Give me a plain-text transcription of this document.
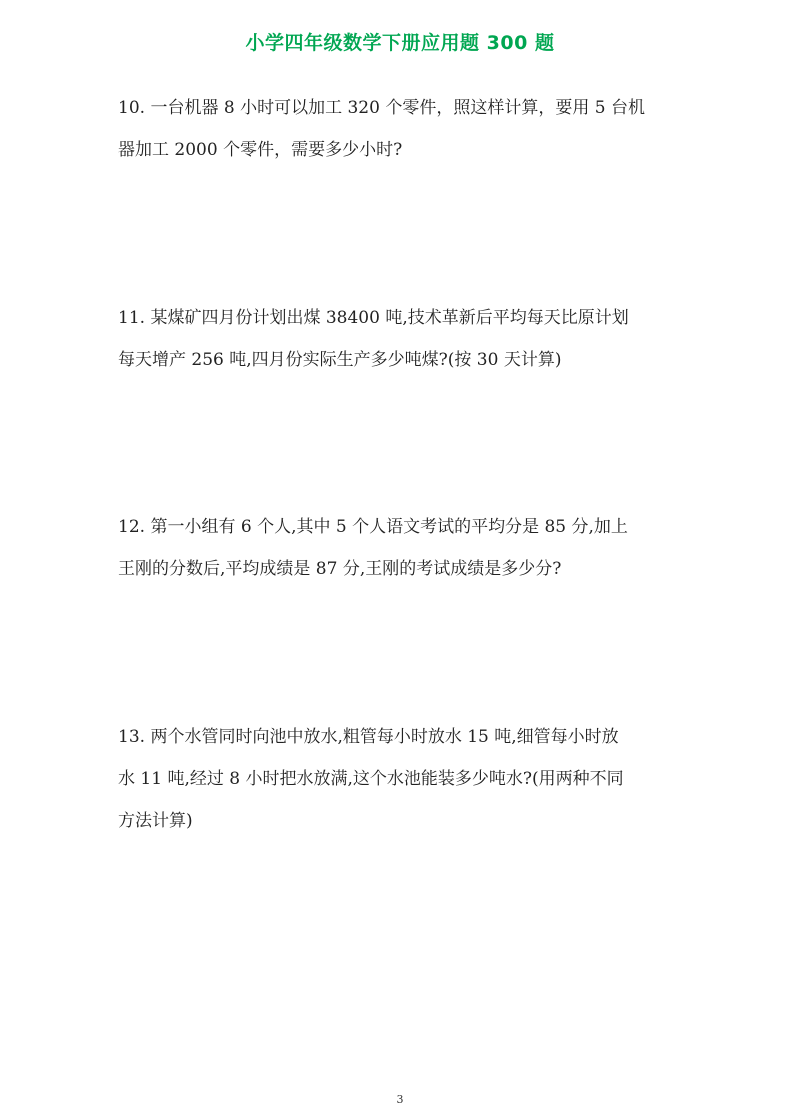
小学四年级数学下册应用题 300 题
10. 一台机器 8 小时可以加工 320 个零件，照这样计算，要用 5 台机
器加工 2000 个零件，需要多少小时?
11. 某煤矿四月份计划出煤 38400 吨,技术革新后平均每天比原计划
每天增产 256 吨,四月份实际生产多少吨煤?(按 30 天计算)
12. 第一小组有 6 个人,其中 5 个人语文考试的平均分是 85 分,加上
王刚的分数后,平均成绩是 87 分,王刚的考试成绩是多少分?
13. 两个水管同时向池中放水,粗管每小时放水 15 吨,细管每小时放
水 11 吨,经过 8 小时把水放满,这个水池能装多少吨水?(用两种不同
方法计算)
3
